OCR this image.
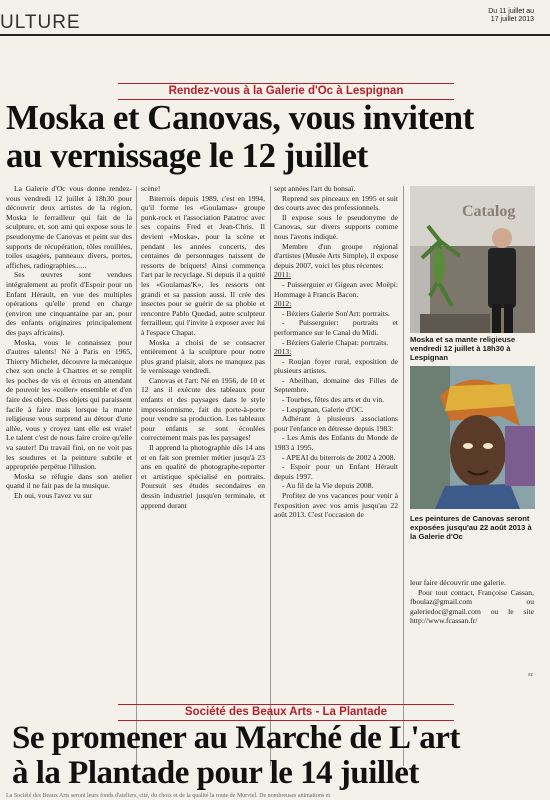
ULTURE
Du 11 juillet au
17 juillet 2013
Rendez-vous à la Galerie d'Oc à Lespignan
Moska et Canovas, vous invitent
au vernissage le 12 juillet

La Galerie d'Oc vous donne rendez-vous vendredi 12 juillet à 18h30 pour découvrir deux artistes de la région, Moska le ferrailleur qui fait de la sculpture, et, son ami qui expose sous le pseudonyme de Canovas et peint sur des supports de récupération, tôles rouillées, toiles usagées, panneaux divers, portes, affiches, radiographies......

Ses œuvres sont vendues intégralement au profit d'Espoir pour un Enfant Hérault, en vue des multiples opérations qu'elle prend en charge (environ une cinquantaine par an, pour des enfants originaires principalement des pays africains).

Moska, vous le connaissez pour d'autres talents! Né à Paris en 1965, Thierry Michelet, découvre la mécanique chez son oncle à Chartres et se remplit les poches de vis et écrous en attendant de pouvoir les «coller» ensemble et d'en faire des objets. Des objets qui paraissent facile à faire mais lorsque la mante religieuse vous surprend au détour d'une allée, vous y croyez tant elle est vraie! Le talent c'est de nous faire croire qu'elle va sauter! Du travail fini, on ne voit pas les soudures et la peinture subtile et appropriée perpétue l'illusion.

Moska se réfugie dans son atelier quand il ne fait pas de la musique.

Eh oui, vous l'avez vu sur

scène!

Biterrois depuis 1989, c'est en 1994, qu'il forme les «Goulamas» groupe punk-rock et l'association Patatroc avec ses copains Fred et Jean-Chris. Il devient «Moska», pour la scène et pendant les années concerts, des centaines de personnages naissent de ressorts de briquets! Ainsi commença l'art par le recyclage. Si depuis il a quitté les «Goulamas'K», les ressorts ont grandi et sa passion aussi. Il crée des insectes pour se guérir de sa phobie et rencontre Pablo Quedad, autre sculpteur ferrailleur, qui l'invite à exposer avec lui à l'espace Chapat.

Moska a choisi de se consacrer entièrement à la sculpture pour notre plus grand plaisir, alors ne manquez pas le vernissage vendredi.

Canovas et l'art: Né en 1956, de 10 et 12 ans il exécute des tableaux pour enfants et des paysages dans le style impressionnisme, fait du porte-à-porte pour vendre sa production. Les tableaux pour enfants se sont écoulées correctement mais pas les paysages!

Il apprend la photographie dès 14 ans et en fait son premier métier jusqu'à 23 ans en qualité de photographe-reporter et artistique spécialisé en portraits. Poursuit ses études secondaires en dessin industriel jusqu'en terminale, et apprend durant

sept années l'art du bonsaï.

Reprend ses pinceaux en 1995 et suit des courts avec des professionnels.

Il expose sous le pseudonyme de Canovas, sur divers supports comme nous l'avons indiqué.

Membre d'un groupe régional d'artistes (Musée Arts Simple), il expose depuis 2007, voici les plus récentes:

2011:

- Puisserguier et Gigean avec Moëpi: Hommage à Francis Bacon.

2012:

- Béziers Galerie Son'Art: portraits.

- Puisserguier: portraits et performance sur le Canal du Midi.

- Béziers Galerie Chapat: portraits.

2013:

- Roujan foyer rural, exposition de plusieurs artistes.

- Abeilhan, domaine des Filles de Septembre.

- Tourbes, fêtes des arts et du vin.

- Lespignan, Galerie d'OC.

Adhérant à plusieurs associations pour l'enfance en détresse depuis 1983:

- Les Amis des Enfants du Monde de 1983 à 1995.

- APEAI du biterrois de 2002 à 2008.

- Espoir pour un Enfant Hérault depuis 1997.

- Au fil de la Vie depuis 2008.

Profitez de vos vacances pour venir à l'exposition avec vos amis jusqu'au 22 août 2013. C'est l'occasion de

Catalog
Moska et sa mante religieuse vendredi 12 juillet à 18h30 à Lespignan
Les peintures de Canovas seront exposées jusqu'au 22 août 2013 à la Galerie d'Oc

leur faire découvrir une galerie.

Pour tout contact, Françoise Cassan, fboulaz@gmail.com ou galeriedoc@gmail.com ou le site http://www.fcassan.fr/

sz
Société des Beaux Arts - La Plantade
Se promener au Marché de L'art
à la Plantade pour le 14 juillet
La Société des Beaux Arts seront leurs fonds d'ateliers, cité, du choix et de la qualité la route de Murviel. De nombreuses animations et
